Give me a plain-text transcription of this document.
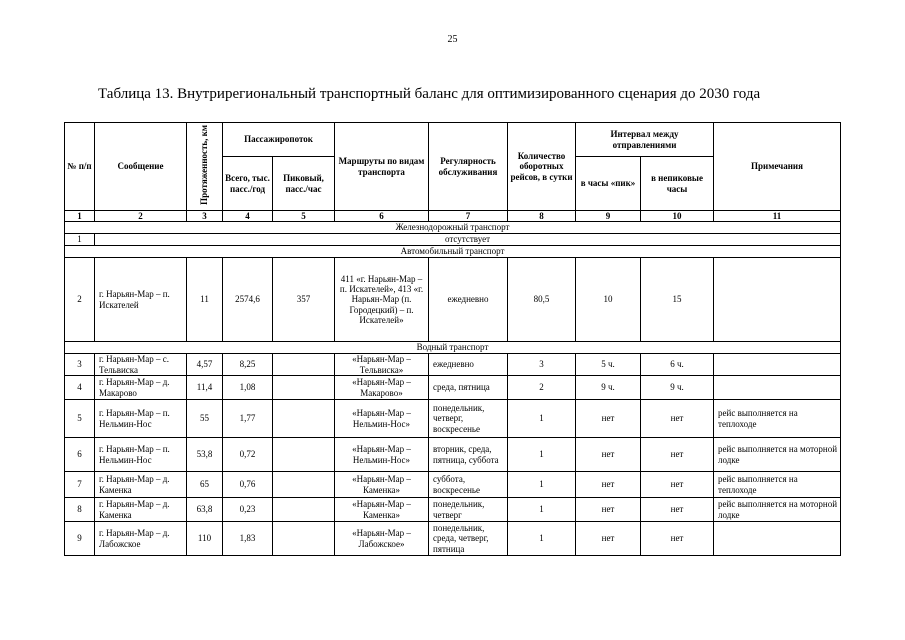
25
Таблица 13. Внутрирегиональный транспортный баланс для оптимизированного сценария до 2030 года
№ п/п	Сообщение	Протяженность, км	Пассажиропоток		Маршруты по видам транспорта	Регулярность обслуживания	Количество оборотных рейсов, в сутки	Интервал между отправлениями		Примечания
			Всего, тыс. пасс./год	Пиковый, пасс./час				в часы «пик»	в непиковые часы	
1	2	3	4	5	6	7	8	9	10	11
Железнодорожный транспорт										
1	отсутствует									
Автомобильный транспорт										
2	г. Нарьян-Мар – п. Искателей	11	2574,6	357	411 «г. Нарьян-Мар – п. Искателей», 413 «г. Нарьян-Мар (п. Городецкий) – п. Искателей»	ежедневно	80,5	10	15	
Водный транспорт										
3	г. Нарьян-Мар – с. Тельвиска	4,57	8,25		«Нарьян-Мар – Тельвиска»	ежедневно	3	5 ч.	6 ч.	
4	г. Нарьян-Мар – д. Макарово	11,4	1,08		«Нарьян-Мар – Макарово»	среда, пятница	2	9 ч.	9 ч.	
5	г. Нарьян-Мар – п. Нельмин-Нос	55	1,77		«Нарьян-Мар – Нельмин-Нос»	понедельник, четверг, воскресенье	1	нет	нет	рейс выполняется на теплоходе
6	г. Нарьян-Мар – п. Нельмин-Нос	53,8	0,72		«Нарьян-Мар – Нельмин-Нос»	вторник, среда, пятница, суббота	1	нет	нет	рейс выполняется на моторной лодке
7	г. Нарьян-Мар – д. Каменка	65	0,76		«Нарьян-Мар – Каменка»	суббота, воскресенье	1	нет	нет	рейс выполняется на теплоходе
8	г. Нарьян-Мар – д. Каменка	63,8	0,23		«Нарьян-Мар – Каменка»	понедельник, четверг	1	нет	нет	рейс выполняется на моторной лодке
9	г. Нарьян-Мар – д. Лабожское	110	1,83		«Нарьян-Мар – Лабожское»	понедельник, среда, четверг, пятница	1	нет	нет	
